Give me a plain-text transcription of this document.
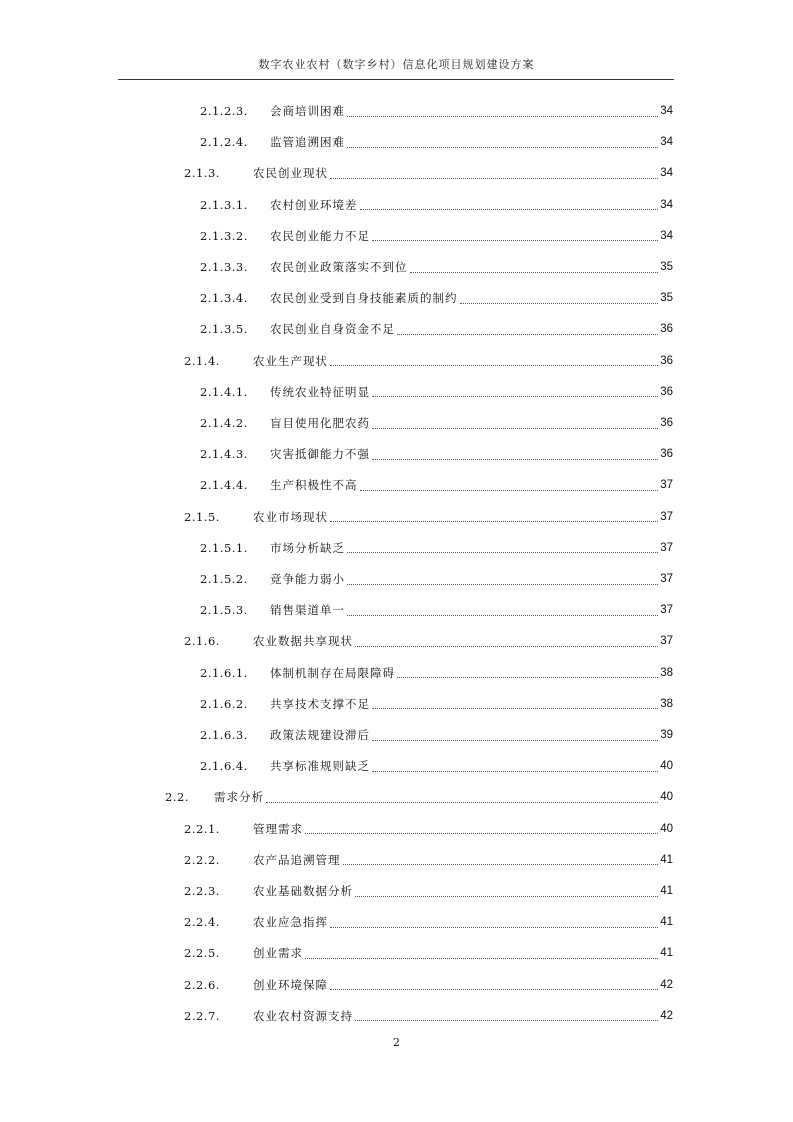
数字农业农村（数字乡村）信息化项目规划建设方案
2.1.2.3.	会商培训困难	34
2.1.2.4.	监管追溯困难	34
2.1.3.	农民创业现状	34
2.1.3.1.	农村创业环境差	34
2.1.3.2.	农民创业能力不足	34
2.1.3.3.	农民创业政策落实不到位	35
2.1.3.4.	农民创业受到自身技能素质的制约	35
2.1.3.5.	农民创业自身资金不足	36
2.1.4.	农业生产现状	36
2.1.4.1.	传统农业特征明显	36
2.1.4.2.	盲目使用化肥农药	36
2.1.4.3.	灾害抵御能力不强	36
2.1.4.4.	生产积极性不高	37
2.1.5.	农业市场现状	37
2.1.5.1.	市场分析缺乏	37
2.1.5.2.	竞争能力弱小	37
2.1.5.3.	销售渠道单一	37
2.1.6.	农业数据共享现状	37
2.1.6.1.	体制机制存在局限障碍	38
2.1.6.2.	共享技术支撑不足	38
2.1.6.3.	政策法规建设滞后	39
2.1.6.4.	共享标准规则缺乏	40
2.2.	需求分析	40
2.2.1.	管理需求	40
2.2.2.	农产品追溯管理	41
2.2.3.	农业基础数据分析	41
2.2.4.	农业应急指挥	41
2.2.5.	创业需求	41
2.2.6.	创业环境保障	42
2.2.7.	农业农村资源支持	42
2
